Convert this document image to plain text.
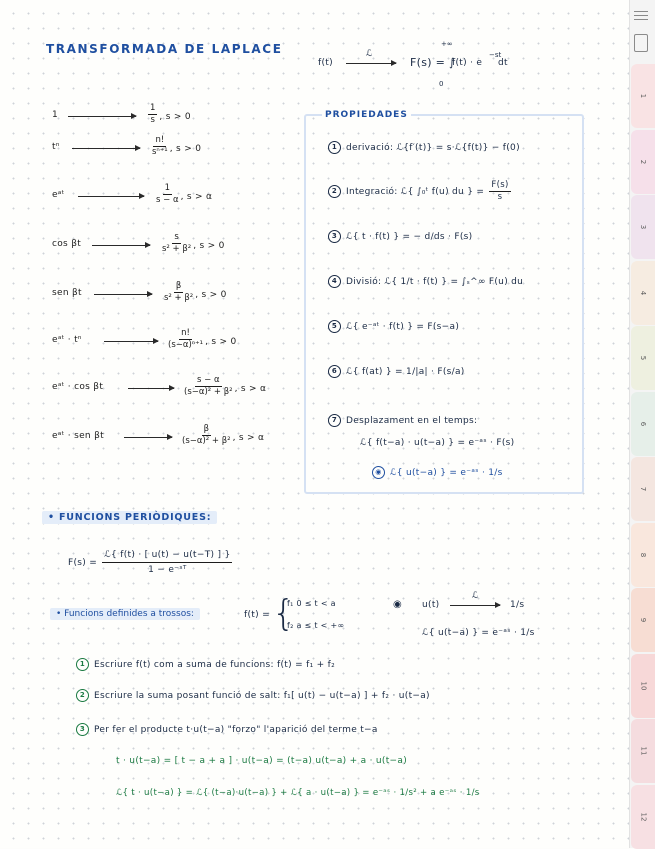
TRANSFORMADA DE LAPLACE
f(t)
ℒ
F(s) = ∫
+∞
0
f(t) · e
−st
dt
1	$\frac{1}{s}$ , s > 0
tⁿ	$\frac{n!}{\text{sⁿ⁺¹}}$ , s > 0
eᵃᵗ	$\frac{1}{s - \alpha}$ , s > α
cos βt	$\frac{s}{\text{s² + β²}}$ , s > 0
sen βt	$\frac{\beta}{\text{s² + β²}}$ , s > 0
eᵃᵗ · tⁿ	$\frac{n!}{\text{(s−α)ⁿ⁺¹}}$ , s > 0
eᵃᵗ · cos βt	$\frac{s - \alpha}{\text{(s−α)² + β²}}$ , s > α
eᵃᵗ · sen βt	$\frac{\beta}{\text{(s−α)² + β²}}$ , s > α
PROPIEDADES
1 derivació: ℒ{f′(t)} = s·ℒ{f(t)} − f(0)
2 Integració: ℒ{ ∫₀ᵗ f(u) du } = $\frac{F(s)}{s}$
3 ℒ{ t · f(t) } = − d/ds · F(s)
4 Divisió: ℒ{ 1/t · f(t) } = ∫ₛ^∞ F(u) du
5 ℒ{ e⁻ᵃᵗ · f(t) } = F(s−a)
6 ℒ{ f(at) } = 1/|a| · F(s/a)
7 Desplazament en el temps:
ℒ{ f(t−a) · u(t−a) } = e⁻ᵃˢ · F(s)
◉ ℒ{ u(t−a) } = e⁻ᵃˢ · 1/s
• FUNCIONS PERIÒDIQUES:
$F(s) = \frac{\text{ℒ\{ f(t) · [ u(t) − u(t−T) ] \}}}{\text{1 − e⁻ˢᵀ}}$
• Funcions definides a trossos:	f(t) = {
f₁ 0 ≤ t < a
f₂ a ≤ t < +∞
◉ u(t)
ℒ
1/s
ℒ{ u(t−a) } = e⁻ᵃˢ · 1/s
1 Escriure f(t) com a suma de funcions: f(t) = f₁ + f₂
2 Escriure la suma posant funció de salt: f₁[ u(t) − u(t−a) ] + f₂ · u(t−a)
3 Per fer el producte t·u(t−a) "forzo" l'aparició del terme t−a
t · u(t−a) = [ t − a + a ] · u(t−a) = (t−a) u(t−a) + a · u(t−a)
ℒ{ t · u(t−a) } = ℒ{ (t−a)·u(t−a) } + ℒ{ a · u(t−a) } = e⁻ᵃˢ · 1/s² + a e⁻ᵃˢ · 1/s
1
2
3
4
5
6
7
8
9
10
11
12
